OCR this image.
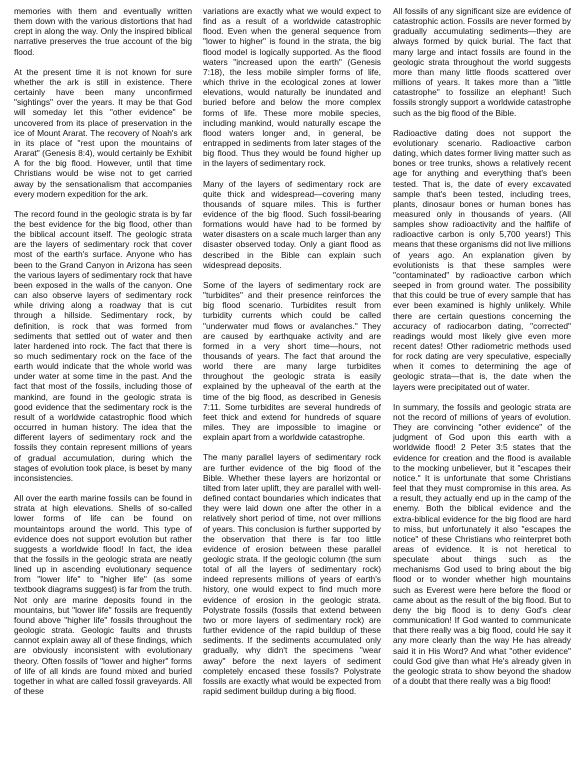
memories with them and eventually written them down with the various distortions that had crept in along the way. Only the inspired biblical narrative preserves the true account of the big flood.

At the present time it is not known for sure whether the ark is still in existence. There certainly have been many unconfirmed "sightings" over the years. It may be that God will someday let this "other evidence" be uncovered from its place of preservation in the ice of Mount Ararat. The recovery of Noah's ark in its place of "rest upon the mountains of Ararat" (Genesis 8:4), would certainly be Exhibit A for the big flood. However, until that time Christians would be wise not to get carried away by the sensationalism that accompanies every modern expedition for the ark.

The record found in the geologic strata is by far the best evidence for the big flood, other than the biblical account itself. The geologic strata are the layers of sedimentary rock that cover most of the earth's surface. Anyone who has been to the Grand Canyon in Arizona has seen the various layers of sedimentary rock that have been exposed in the walls of the canyon. One can also observe layers of sedimentary rock while driving along a roadway that is cut through a hillside. Sedimentary rock, by definition, is rock that was formed from sediments that settled out of water and then later hardened into rock. The fact that there is so much sedimentary rock on the face of the earth would indicate that the whole world was under water at some time in the past. And the fact that most of the fossils, including those of mankind, are found in the geologic strata is good evidence that the sedimentary rock is the result of a worldwide catastrophic flood which occurred in human history. The idea that the different layers of sedimentary rock and the fossils they contain represent millions of years of gradual accumulation, during which the stages of evolution took place, is beset by many inconsistencies.

All over the earth marine fossils can be found in strata at high elevations. Shells of so-called lower forms of life can be found on mountaintops around the world. This type of evidence does not support evolution but rather suggests a worldwide flood! In fact, the idea that the fossils in the geologic strata are neatly lined up in ascending evolutionary sequence from "lower life" to "higher life" (as some textbook diagrams suggest) is far from the truth. Not only are marine deposits found in the mountains, but "lower life" fossils are frequently found above "higher life" fossils throughout the geologic strata. Geologic faults and thrusts cannot explain away all of these findings, which are obviously inconsistent with evolutionary theory. Often fossils of "lower and higher" forms of life of all kinds are found mixed and buried together in what are called fossil graveyards. All of these

variations are exactly what we would expect to find as a result of a worldwide catastrophic flood. Even when the general sequence from "lower to higher" is found in the strata, the big flood model is logically supported. As the flood waters "increased upon the earth" (Genesis 7:18), the less mobile simpler forms of life, which thrive in the ecological zones at lower elevations, would naturally be inundated and buried before and below the more complex forms of life. These more mobile species, including mankind, would naturally escape the flood waters longer and, in general, be entrapped in sediments from later stages of the big flood. Thus they would be found higher up in the layers of sedimentary rock.

Many of the layers of sedimentary rock are quite thick and widespread—covering many thousands of square miles. This is further evidence of the big flood. Such fossil-bearing formations would have had to be formed by water disasters on a scale much larger than any disaster observed today. Only a giant flood as described in the Bible can explain such widespread deposits.

Some of the layers of sedimentary rock are "turbidites" and their presence reinforces the big flood scenario. Turbidites result from turbidity currents which could be called "underwater mud flows or avalanches." They are caused by earthquake activity and are formed in a very short time—hours, not thousands of years. The fact that around the world there are many large turbidites throughout the geologic strata is easily explained by the upheaval of the earth at the time of the big flood, as described in Genesis 7:11. Some turbidites are several hundreds of feet thick and extend for hundreds of square miles. They are impossible to imagine or explain apart from a worldwide catastrophe.

The many parallel layers of sedimentary rock are further evidence of the big flood of the Bible. Whether these layers are horizontal or tilted from later uplift, they are parallel with well-defined contact boundaries which indicates that they were laid down one after the other in a relatively short period of time, not over millions of years. This conclusion is further supported by the observation that there is far too little evidence of erosion between these parallel geologic strata. If the geologic column (the sum total of all the layers of sedimentary rock) indeed represents millions of years of earth's history, one would expect to find much more evidence of erosion in the geologic strata. Polystrate fossils (fossils that extend between two or more layers of sedimentary rock) are further evidence of the rapid buildup of these sediments. If the sediments accumulated only gradually, why didn't the specimens "wear away" before the next layers of sediment completely encased these fossils? Polystrate fossils are exactly what would be expected from rapid sediment buildup during a big flood.

All fossils of any significant size are evidence of catastrophic action. Fossils are never formed by gradually accumulating sediments—they are always formed by quick burial. The fact that many large and intact fossils are found in the geologic strata throughout the world suggests more than many little floods scattered over millions of years. It takes more than a "little catastrophe" to fossilize an elephant! Such fossils strongly support a worldwide catastrophe such as the big flood of the Bible.

Radioactive dating does not support the evolutionary scenario. Radioactive carbon dating, which dates former living matter such as bones or tree trunks, shows a relatively recent age for anything and everything that's been tested. That is, the date of every excavated sample that's been tested, including trees, plants, dinosaur bones or human bones has measured only in thousands of years. (All samples show radioactivity and the halflife of radioactive carbon is only 5,700 years!) This means that these organisms did not live millions of years ago. An explanation given by evolutionists is that these samples were "contaminated" by radioactive carbon which seeped in from ground water. The possibility that this could be true of every sample that has ever been examined is highly unlikely. While there are certain questions concerning the accuracy of radiocarbon dating, "corrected" readings would most likely give even more recent dates! Other radiometric methods used for rock dating are very speculative, especially when it comes to determining the age of geologic strata—that is, the date when the layers were precipitated out of water.

In summary, the fossils and geologic strata are not the record of millions of years of evolution. They are convincing "other evidence" of the judgment of God upon this earth with a worldwide flood! 2 Peter 3:5 states that the evidence for creation and the flood is available to the mocking unbeliever, but it "escapes their notice." It is unfortunate that some Christians feel that they must compromise in this area. As a result, they actually end up in the camp of the enemy. Both the biblical evidence and the extra-biblical evidence for the big flood are hard to miss, but unfortunately it also "escapes the notice" of these Christians who reinterpret both areas of evidence. It is not heretical to speculate about things such as the mechanisms God used to bring about the big flood or to wonder whether high mountains such as Everest were here before the flood or came about as the result of the big flood. But to deny the big flood is to deny God's clear communication! If God wanted to communicate that there really was a big flood, could He say it any more clearly than the way He has already said it in His Word? And what "other evidence" could God give than what He's already given in the geologic strata to show beyond the shadow of a doubt that there really was a big flood!
